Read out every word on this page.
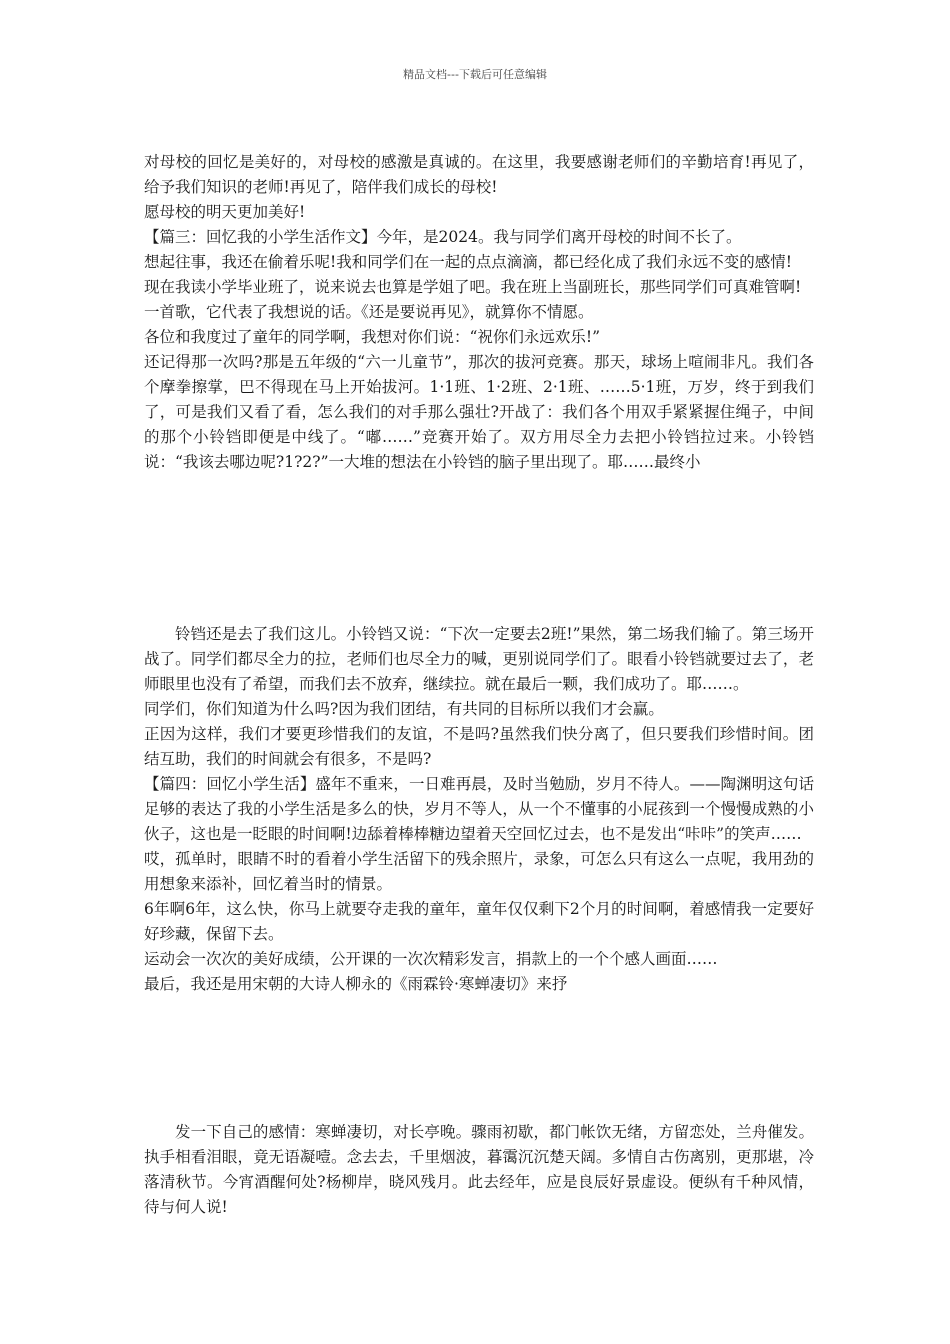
精品文档---下载后可任意编辑

对母校的回忆是美好的，对母校的感激是真诚的。在这里，我要感谢老师们的辛勤培育!再见了，给予我们知识的老师!再见了，陪伴我们成长的母校!

愿母校的明天更加美好!

【篇三：回忆我的小学生活作文】今年，是2024。我与同学们离开母校的时间不长了。

想起往事，我还在偷着乐呢!我和同学们在一起的点点滴滴，都已经化成了我们永远不变的感情!

现在我读小学毕业班了，说来说去也算是学姐了吧。我在班上当副班长，那些同学们可真难管啊!

一首歌，它代表了我想说的话。《还是要说再见》，就算你不情愿。

各位和我度过了童年的同学啊，我想对你们说：“祝你们永远欢乐!”

还记得那一次吗?那是五年级的“六一儿童节”，那次的拔河竞赛。那天，球场上喧闹非凡。我们各个摩拳擦掌，巴不得现在马上开始拔河。1·1班、1·2班、2·1班、……5·1班，万岁，终于到我们了，可是我们又看了看，怎么我们的对手那么强壮?开战了：我们各个用双手紧紧握住绳子，中间的那个小铃铛即便是中线了。“嘟……”竞赛开始了。双方用尽全力去把小铃铛拉过来。小铃铛说：“我该去哪边呢?1?2?”一大堆的想法在小铃铛的脑子里出现了。耶……最终小

铃铛还是去了我们这儿。小铃铛又说：“下次一定要去2班!”果然，第二场我们输了。第三场开战了。同学们都尽全力的拉，老师们也尽全力的喊，更别说同学们了。眼看小铃铛就要过去了，老师眼里也没有了希望，而我们去不放弃，继续拉。就在最后一颗，我们成功了。耶……。

同学们，你们知道为什么吗?因为我们团结，有共同的目标所以我们才会赢。

正因为这样，我们才要更珍惜我们的友谊，不是吗?虽然我们快分离了，但只要我们珍惜时间。团结互助，我们的时间就会有很多，不是吗?

【篇四：回忆小学生活】盛年不重来，一日难再晨，及时当勉励，岁月不待人。——陶渊明这句话足够的表达了我的小学生活是多么的快，岁月不等人，从一个不懂事的小屁孩到一个慢慢成熟的小伙子，这也是一眨眼的时间啊!边舔着棒棒糖边望着天空回忆过去，也不是发出“咔咔”的笑声……

哎，孤单时，眼睛不时的看着小学生活留下的残余照片，录象，可怎么只有这么一点呢，我用劲的用想象来添补，回忆着当时的情景。

6年啊6年，这么快，你马上就要夺走我的童年，童年仅仅剩下2个月的时间啊，着感情我一定要好好珍藏，保留下去。

运动会一次次的美好成绩，公开课的一次次精彩发言，捐款上的一个个感人画面……

最后，我还是用宋朝的大诗人柳永的《雨霖铃·寒蝉凄切》来抒

发一下自己的感情：寒蝉凄切，对长亭晚。骤雨初歇，都门帐饮无绪，方留恋处，兰舟催发。执手相看泪眼，竟无语凝噎。念去去，千里烟波，暮霭沉沉楚天阔。多情自古伤离别，更那堪，冷落清秋节。今宵酒醒何处?杨柳岸，晓风残月。此去经年，应是良辰好景虚设。便纵有千种风情，待与何人说!
